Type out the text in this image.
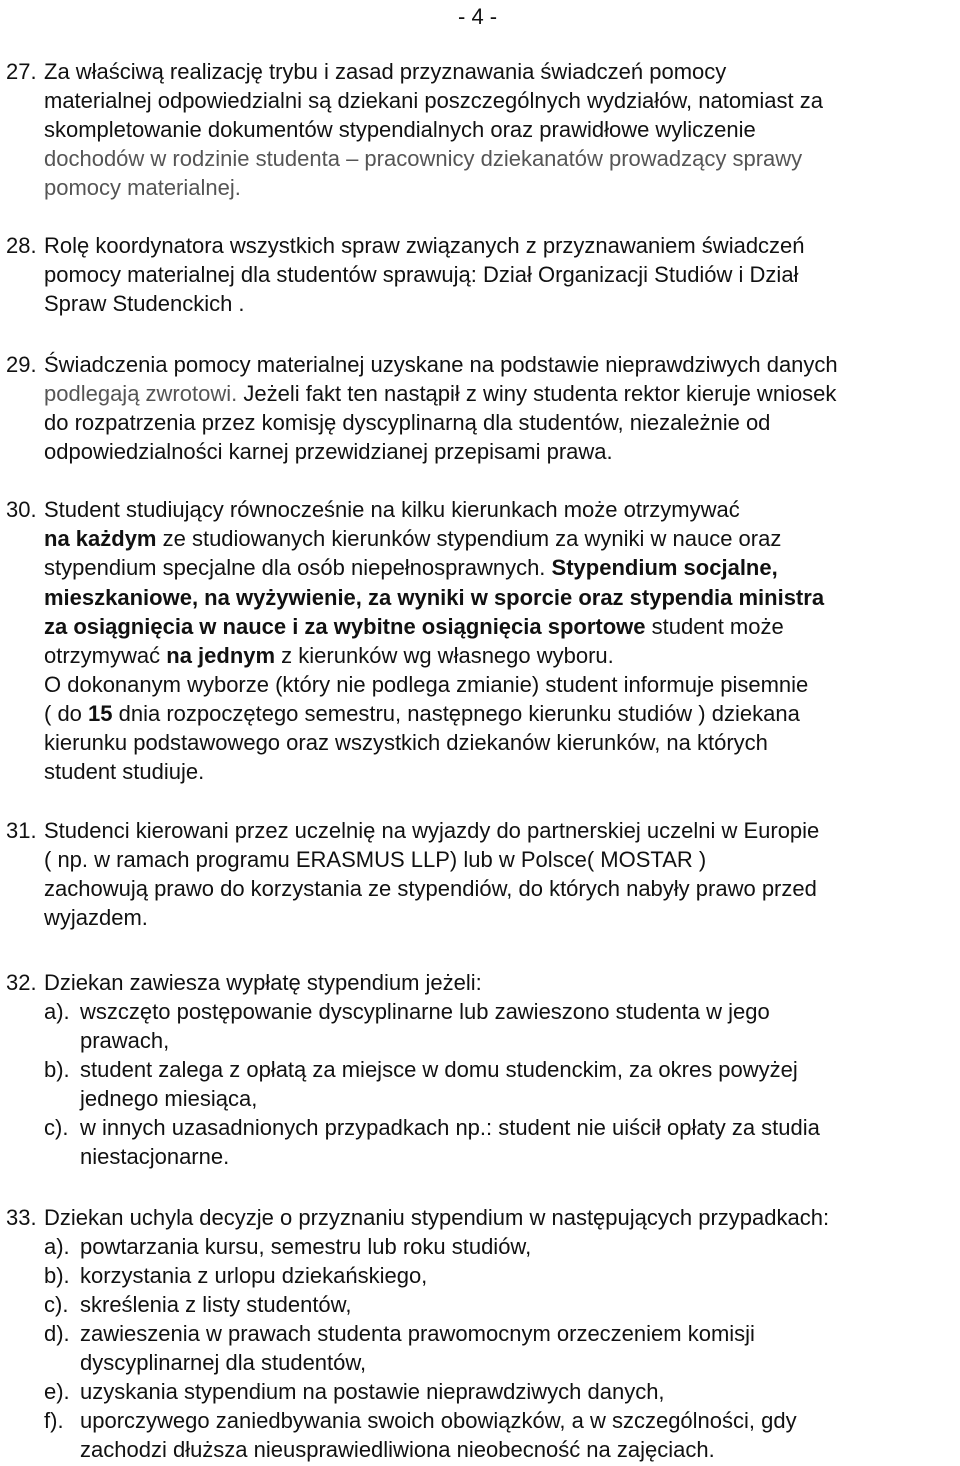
- 4 -
27. Za właściwą realizację trybu i zasad przyznawania świadczeń pomocy
materialnej odpowiedzialni są dziekani poszczególnych wydziałów, natomiast za
skompletowanie dokumentów stypendialnych oraz prawidłowe wyliczenie
dochodów w rodzinie studenta – pracownicy dziekanatów prowadzący sprawy
pomocy materialnej.
28. Rolę koordynatora wszystkich spraw związanych z przyznawaniem świadczeń
pomocy materialnej dla studentów sprawują: Dział Organizacji Studiów i Dział
Spraw Studenckich .
29. Świadczenia pomocy materialnej uzyskane na podstawie nieprawdziwych danych
podlegają zwrotowi. Jeżeli fakt ten nastąpił z winy studenta rektor kieruje wniosek
do rozpatrzenia przez komisję dyscyplinarną dla studentów, niezależnie od
odpowiedzialności karnej przewidzianej przepisami prawa.
30. Student studiujący równocześnie na kilku kierunkach może otrzymywać
na każdym ze studiowanych kierunków stypendium za wyniki w nauce oraz
stypendium specjalne dla osób niepełnosprawnych. Stypendium socjalne,
mieszkaniowe, na wyżywienie, za wyniki w sporcie oraz stypendia ministra
za osiągnięcia w nauce i za wybitne osiągnięcia sportowe student może
otrzymywać na jednym z kierunków wg własnego wyboru.
O dokonanym wyborze (który nie podlega zmianie) student informuje pisemnie
( do 15 dnia rozpoczętego semestru, następnego kierunku studiów ) dziekana
kierunku podstawowego oraz wszystkich dziekanów kierunków, na których
student studiuje.
31. Studenci kierowani przez uczelnię na wyjazdy do partnerskiej uczelni w Europie
( np. w ramach programu ERASMUS LLP) lub w Polsce( MOSTAR )
zachowują prawo do korzystania ze stypendiów, do których nabyły prawo przed
wyjazdem.
32. Dziekan zawiesza wypłatę stypendium jeżeli:
a). wszczęto postępowanie dyscyplinarne lub zawieszono studenta w jego
prawach,
b). student zalega z opłatą za miejsce w domu studenckim, za okres powyżej
jednego miesiąca,
c). w innych uzasadnionych przypadkach np.: student nie uiścił opłaty za studia
niestacjonarne.
33. Dziekan uchyla decyzje o przyznaniu stypendium w następujących przypadkach:
a). powtarzania kursu, semestru lub roku studiów,
b). korzystania z urlopu dziekańskiego,
c). skreślenia z listy studentów,
d). zawieszenia w prawach studenta prawomocnym orzeczeniem komisji
dyscyplinarnej dla studentów,
e). uzyskania stypendium na postawie nieprawdziwych danych,
f). uporczywego zaniedbywania swoich obowiązków, a w szczególności, gdy
zachodzi dłuższa nieusprawiedliwiona nieobecność na zajęciach.
